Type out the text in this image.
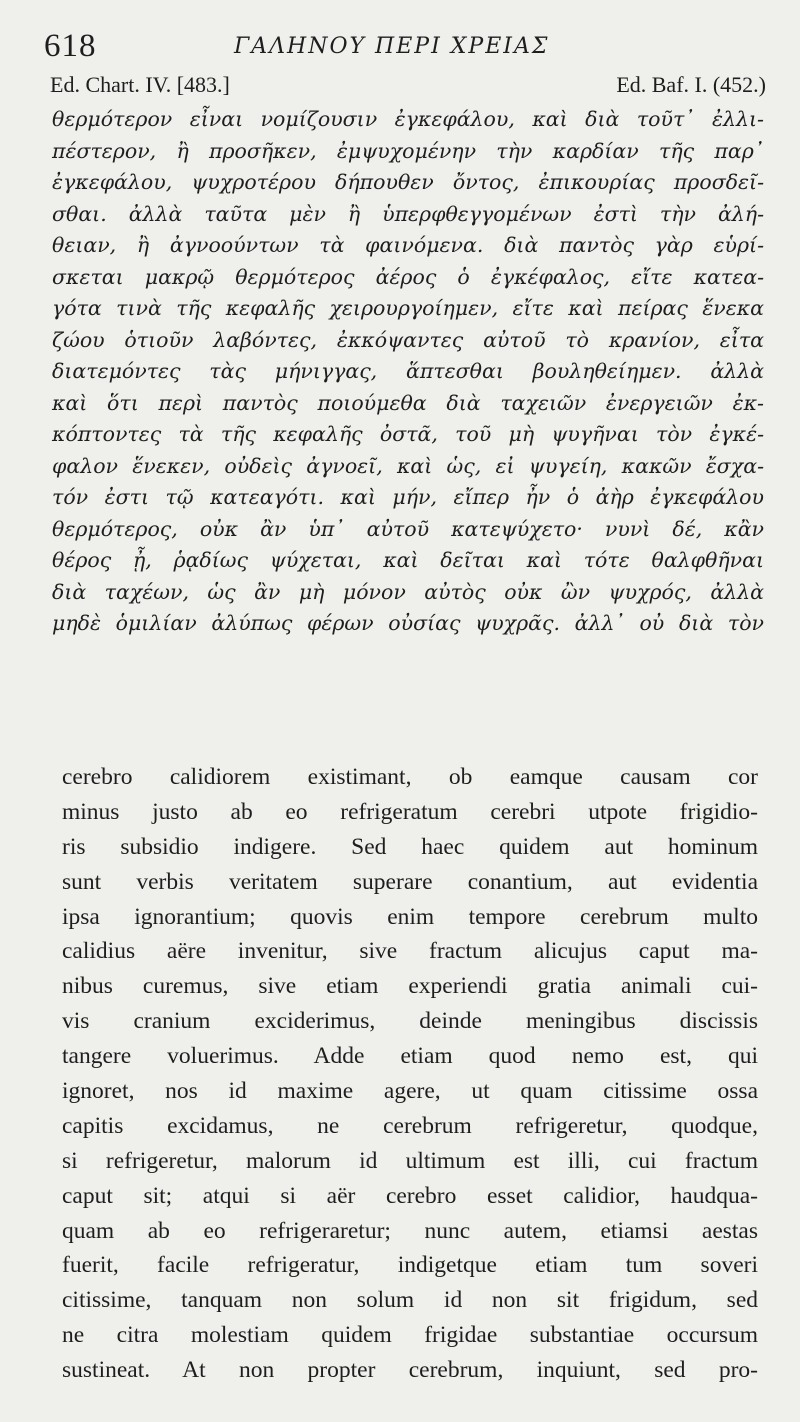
618	ΓΑΛΗΝΟΥ ΠΕΡΙ ΧΡΕΙΑΣ
Ed. Chart. IV. [483.]	Ed. Baf. I. (452.)
θερμότερον εἶναι νομίζουσιν ἐγκεφάλου, καὶ διὰ τοῦτ᾽ ἐλλι-
πέστερον, ἢ προσῆκεν, ἐμψυχομένην τὴν καρδίαν τῆς παρ᾽
ἐγκεφάλου, ψυχροτέρου δήπουθεν ὄντος, ἐπικουρίας προσδεῖ-
σθαι. ἀλλὰ ταῦτα μὲν ἢ ὑπερφθεγγομένων ἐστὶ τὴν ἀλή-
θειαν, ἢ ἀγνοούντων τὰ φαινόμενα. διὰ παντὸς γὰρ εὑρί-
σκεται μακρῷ θερμότερος ἀέρος ὁ ἐγκέφαλος, εἴτε κατεα-
γότα τινὰ τῆς κεφαλῆς χειρουργοίημεν, εἴτε καὶ πείρας ἕνεκα
ζώου ὁτιοῦν λαβόντες, ἐκκόψαντες αὐτοῦ τὸ κρανίον, εἶτα
διατεμόντες τὰς μήνιγγας, ἅπτεσθαι βουληθείημεν. ἀλλὰ
καὶ ὅτι περὶ παντὸς ποιούμεθα διὰ ταχειῶν ἐνεργειῶν ἐκ-
κόπτοντες τὰ τῆς κεφαλῆς ὀστᾶ, τοῦ μὴ ψυγῆναι τὸν ἐγκέ-
φαλον ἕνεκεν, οὐδεὶς ἀγνοεῖ, καὶ ὡς, εἰ ψυγείη, κακῶν ἔσχα-
τόν ἐστι τῷ κατεαγότι. καὶ μήν, εἴπερ ἦν ὁ ἀὴρ ἐγκεφάλου
θερμότερος, οὐκ ἂν ὑπ᾽ αὐτοῦ κατεψύχετο· νυνὶ δέ, κἂν
θέρος ᾖ, ῥᾳδίως ψύχεται, καὶ δεῖται καὶ τότε θαλφθῆναι
διὰ ταχέων, ὡς ἂν μὴ μόνον αὐτὸς οὐκ ὢν ψυχρός, ἀλλὰ
μηδὲ ὁμιλίαν ἀλύπως φέρων οὐσίας ψυχρᾶς. ἀλλ᾽ οὐ διὰ τὸν
cerebro calidiorem existimant, ob eamque causam cor
minus justo ab eo refrigeratum cerebri utpote frigidio-
ris subsidio indigere. Sed haec quidem aut hominum
sunt verbis veritatem superare conantium, aut evidentia
ipsa ignorantium; quovis enim tempore cerebrum multo
calidius aëre invenitur, sive fractum alicujus caput ma-
nibus curemus, sive etiam experiendi gratia animali cui-
vis cranium exciderimus, deinde meningibus discissis
tangere voluerimus. Adde etiam quod nemo est, qui
ignoret, nos id maxime agere, ut quam citissime ossa
capitis excidamus, ne cerebrum refrigeretur, quodque,
si refrigeretur, malorum id ultimum est illi, cui fractum
caput sit; atqui si aër cerebro esset calidior, haudqua-
quam ab eo refrigeraretur; nunc autem, etiamsi aestas
fuerit, facile refrigeratur, indigetque etiam tum soveri
citissime, tanquam non solum id non sit frigidum, sed
ne citra molestiam quidem frigidae substantiae occursum
sustineat. At non propter cerebrum, inquiunt, sed pro-
